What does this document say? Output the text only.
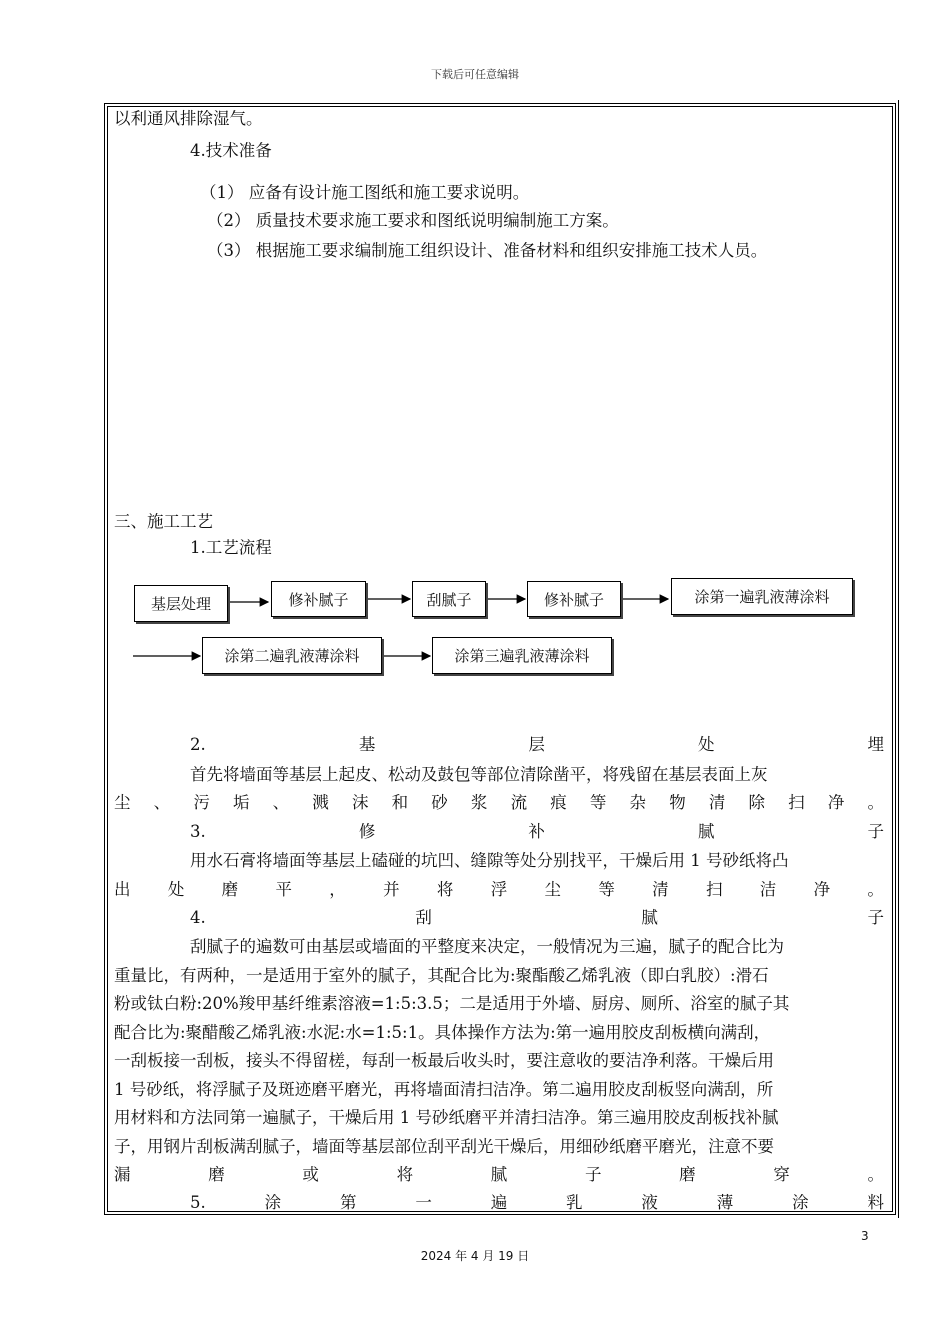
下载后可任意编辑
以利通风排除湿气。
4.技术准备
（1） 应备有设计施工图纸和施工要求说明。
（2） 质量技术要求施工要求和图纸说明编制施工方案。
（3） 根据施工要求编制施工组织设计、准备材料和组织安排施工技术人员。
三、施工工艺
1.工艺流程
基层处理	修补腻子	刮腻子	修补腻子	涂第一遍乳液薄涂料
涂第二遍乳液薄涂料	涂第三遍乳液薄涂料
2.	基	层	处	埋
首先将墙面等基层上起皮、松动及鼓包等部位清除凿平，将残留在基层表面上灰
尘 、 污 垢 、 溅 沫 和 砂 浆 流 痕 等 杂 物 清 除 扫 净 。
3.	修	补	腻	子
用水石膏将墙面等基层上磕碰的坑凹、缝隙等处分别找平，干燥后用 1 号砂纸将凸
出 处 磨 平 ， 并 将 浮 尘 等 清 扫 洁 净 。
4.	刮	腻	子
刮腻子的遍数可由基层或墙面的平整度来决定，一般情况为三遍，腻子的配合比为
重量比，有两种，一是适用于室外的腻子，其配合比为:聚酯酸乙烯乳液（即白乳胶）:滑石
粉或钛白粉:20%羧甲基纤维素溶液=1:5:3.5；二是适用于外墙、厨房、厕所、浴室的腻子其
配合比为:聚醋酸乙烯乳液:水泥:水=1:5:1。具体操作方法为:第一遍用胶皮刮板横向满刮，
一刮板接一刮板，接头不得留槎，每刮一板最后收头时，要注意收的要洁净利落。干燥后用
1 号砂纸，将浮腻子及斑迹磨平磨光，再将墙面清扫洁净。第二遍用胶皮刮板竖向满刮，所
用材料和方法同第一遍腻子，干燥后用 1 号砂纸磨平并清扫洁净。第三遍用胶皮刮板找补腻
子，用钢片刮板满刮腻子，墙面等基层部位刮平刮光干燥后，用细砂纸磨平磨光，注意不要
漏	磨	或	将	腻	子	磨	穿	。
5.	涂	第	一	遍	乳	液	薄	涂	料
3
2024 年 4 月 19 日
